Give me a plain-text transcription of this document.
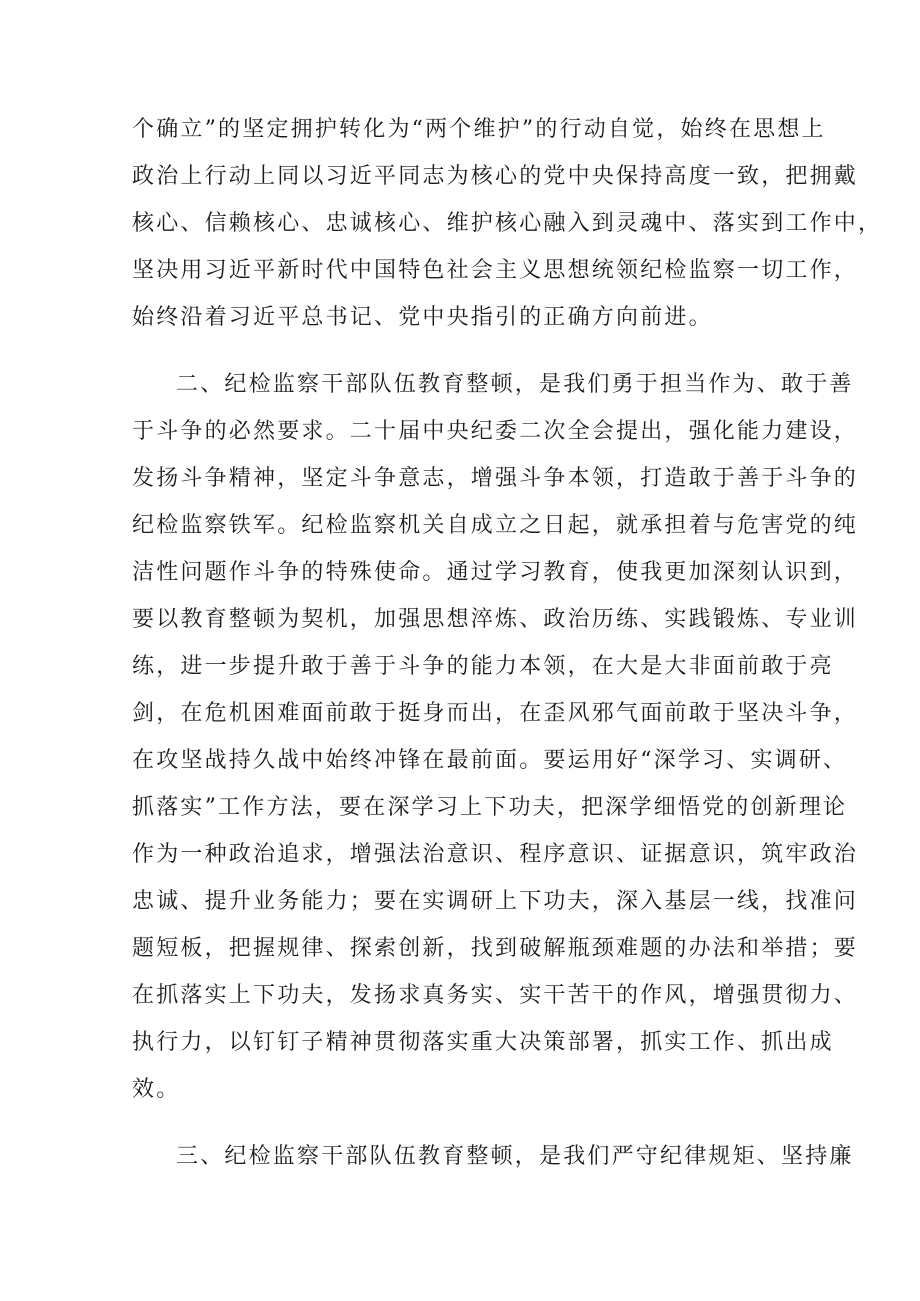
个确立”的坚定拥护转化为“两个维护”的行动自觉，始终在思想上
政治上行动上同以习近平同志为核心的党中央保持高度一致，把拥戴
核心、信赖核心、忠诚核心、维护核心融入到灵魂中、落实到工作中，
坚决用习近平新时代中国特色社会主义思想统领纪检监察一切工作，
始终沿着习近平总书记、党中央指引的正确方向前进。
二、纪检监察干部队伍教育整顿，是我们勇于担当作为、敢于善
于斗争的必然要求。二十届中央纪委二次全会提出，强化能力建设，
发扬斗争精神，坚定斗争意志，增强斗争本领，打造敢于善于斗争的
纪检监察铁军。纪检监察机关自成立之日起，就承担着与危害党的纯
洁性问题作斗争的特殊使命。通过学习教育，使我更加深刻认识到，
要以教育整顿为契机，加强思想淬炼、政治历练、实践锻炼、专业训
练，进一步提升敢于善于斗争的能力本领，在大是大非面前敢于亮
剑，在危机困难面前敢于挺身而出，在歪风邪气面前敢于坚决斗争，
在攻坚战持久战中始终冲锋在最前面。要运用好“深学习、实调研、
抓落实”工作方法，要在深学习上下功夫，把深学细悟党的创新理论
作为一种政治追求，增强法治意识、程序意识、证据意识，筑牢政治
忠诚、提升业务能力；要在实调研上下功夫，深入基层一线，找准问
题短板，把握规律、探索创新，找到破解瓶颈难题的办法和举措；要
在抓落实上下功夫，发扬求真务实、实干苦干的作风，增强贯彻力、
执行力，以钉钉子精神贯彻落实重大决策部署，抓实工作、抓出成
效。
三、纪检监察干部队伍教育整顿，是我们严守纪律规矩、坚持廉
